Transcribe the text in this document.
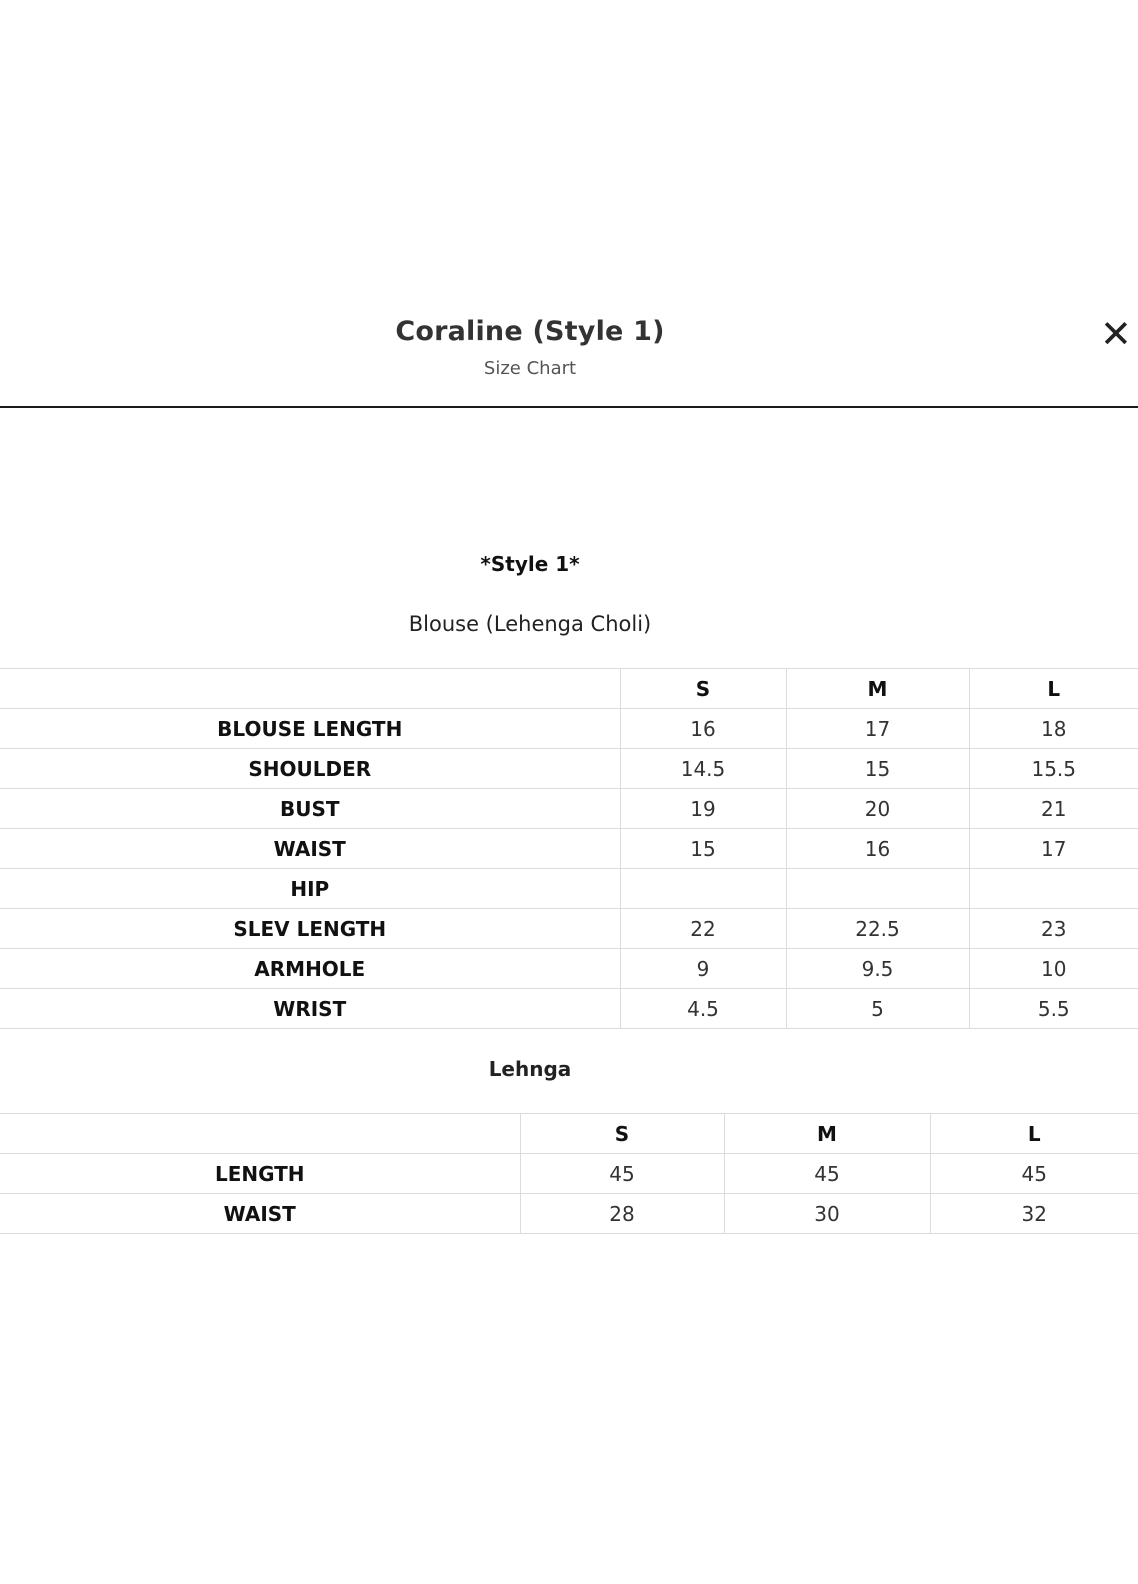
Coraline (Style 1)
Size Chart
✕
*Style 1*
Blouse (Lehenga Choli)
	S	M	L
BLOUSE LENGTH	16	17	18
SHOULDER	14.5	15	15.5
BUST	19	20	21
WAIST	15	16	17
HIP			
SLEV LENGTH	22	22.5	23
ARMHOLE	9	9.5	10
WRIST	4.5	5	5.5
Lehnga
	S	M	L
LENGTH	45	45	45
WAIST	28	30	32
